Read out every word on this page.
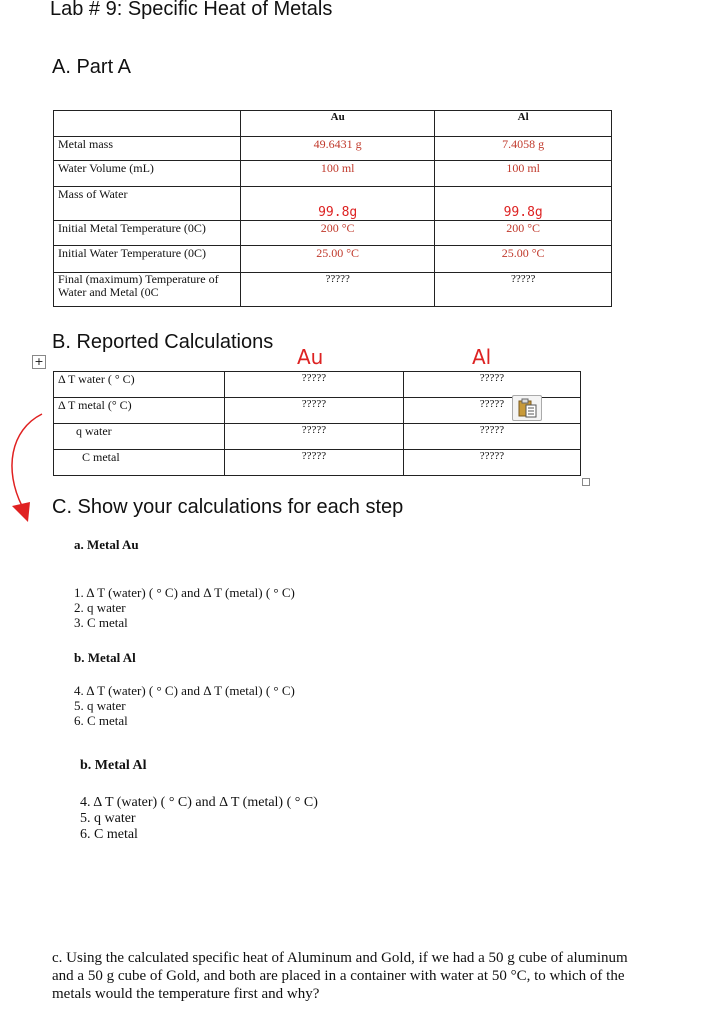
Lab # 9: Specific Heat of Metals
A. Part A
	Au	Al
Metal mass	49.6431 g	7.4058 g
Water Volume (mL)	100 ml	100 ml
Mass of Water	99.8g	99.8g
Initial Metal Temperature (0C)	200 °C	200 °C
Initial Water Temperature (0C)	25.00 °C	25.00 °C
Final (maximum) Temperature of Water and Metal (0C	?????	?????
B. Reported Calculations
Au	Al
+
Δ T water ( ° C)	?????	?????
Δ T metal (° C)	?????	?????
q water	?????	?????
C metal	?????	?????
C. Show your calculations for each step
a. Metal Au
1. Δ T (water) ( ° C) and Δ T (metal) ( ° C)
2. q water
3. C metal
b. Metal Al
4. Δ T (water) ( ° C) and Δ T (metal) ( ° C)
5. q water
6. C metal
b. Metal Al
4. Δ T (water) ( ° C) and Δ T (metal) ( ° C)
5. q water
6. C metal
c. Using the calculated specific heat of Aluminum and Gold, if we had a 50 g cube of aluminum and a 50 g cube of Gold, and both are placed in a container with water at 50 °C, to which of the metals would the temperature first and why?
